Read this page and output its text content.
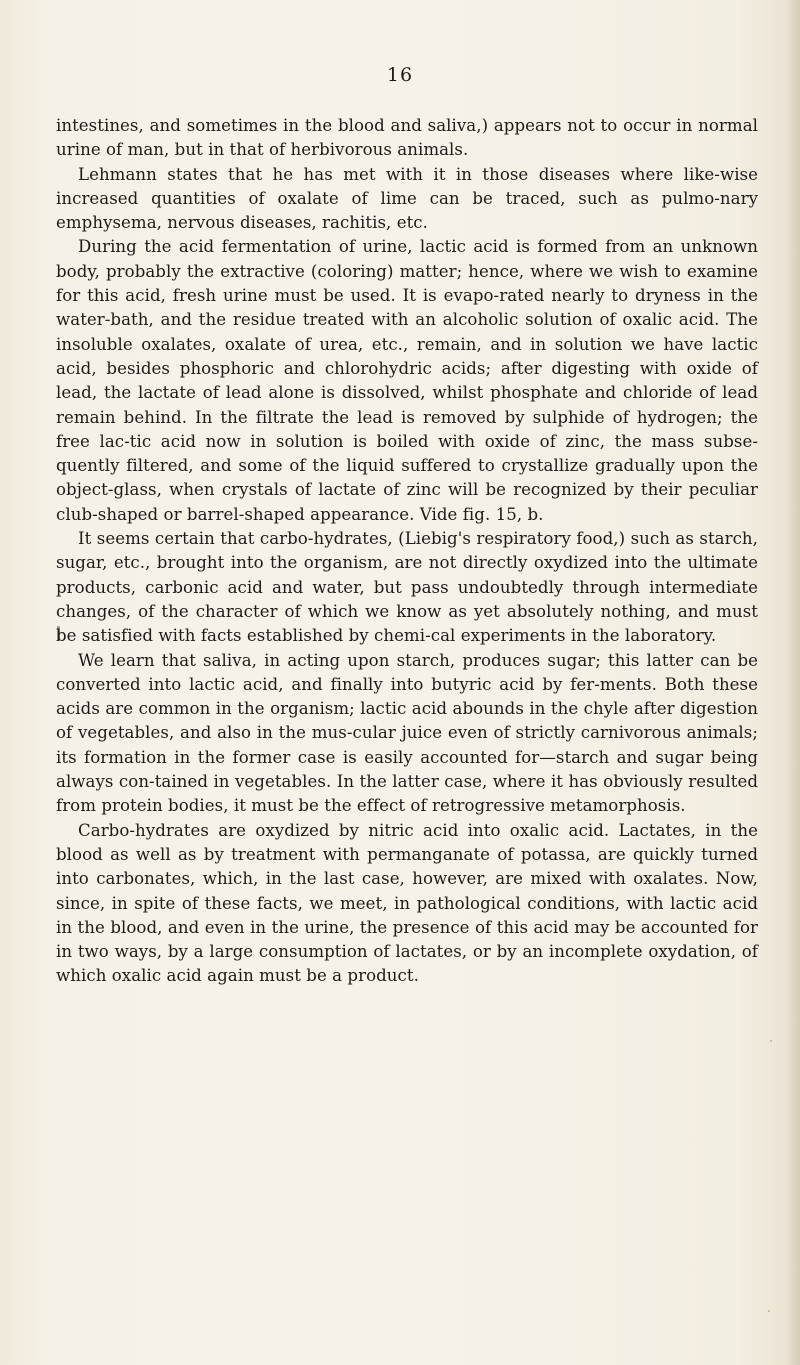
16

intestines, and sometimes in the blood and saliva,) appears not to occur in normal urine of man, but in that of herbivorous animals.

Lehmann states that he has met with it in those diseases where like-wise increased quantities of oxalate of lime can be traced, such as pulmo-nary emphysema, nervous diseases, rachitis, etc.

During the acid fermentation of urine, lactic acid is formed from an unknown body, probably the extractive (coloring) matter; hence, where we wish to examine for this acid, fresh urine must be used. It is evapo-rated nearly to dryness in the water-bath, and the residue treated with an alcoholic solution of oxalic acid. The insoluble oxalates, oxalate of urea, etc., remain, and in solution we have lactic acid, besides phosphoric and chlorohydric acids; after digesting with oxide of lead, the lactate of lead alone is dissolved, whilst phosphate and chloride of lead remain behind. In the filtrate the lead is removed by sulphide of hydrogen; the free lac-tic acid now in solution is boiled with oxide of zinc, the mass subse-quently filtered, and some of the liquid suffered to crystallize gradually upon the object-glass, when crystals of lactate of zinc will be recognized by their peculiar club-shaped or barrel-shaped appearance. Vide fig. 15, b.

It seems certain that carbo-hydrates, (Liebig's respiratory food,) such as starch, sugar, etc., brought into the organism, are not directly oxydized into the ultimate products, carbonic acid and water, but pass undoubtedly through intermediate changes, of the character of which we know as yet absolutely nothing, and must be satisfied with facts established by chemi-cal experiments in the laboratory.

We learn that saliva, in acting upon starch, produces sugar; this latter can be converted into lactic acid, and finally into butyric acid by fer-ments. Both these acids are common in the organism; lactic acid abounds in the chyle after digestion of vegetables, and also in the mus-cular juice even of strictly carnivorous animals; its formation in the former case is easily accounted for—starch and sugar being always con-tained in vegetables. In the latter case, where it has obviously resulted from protein bodies, it must be the effect of retrogressive metamorphosis.

Carbo-hydrates are oxydized by nitric acid into oxalic acid. Lactates, in the blood as well as by treatment with permanganate of potassa, are quickly turned into carbonates, which, in the last case, however, are mixed with oxalates. Now, since, in spite of these facts, we meet, in pathological conditions, with lactic acid in the blood, and even in the urine, the presence of this acid may be accounted for in two ways, by a large consumption of lactates, or by an incomplete oxydation, of which oxalic acid again must be a product.
